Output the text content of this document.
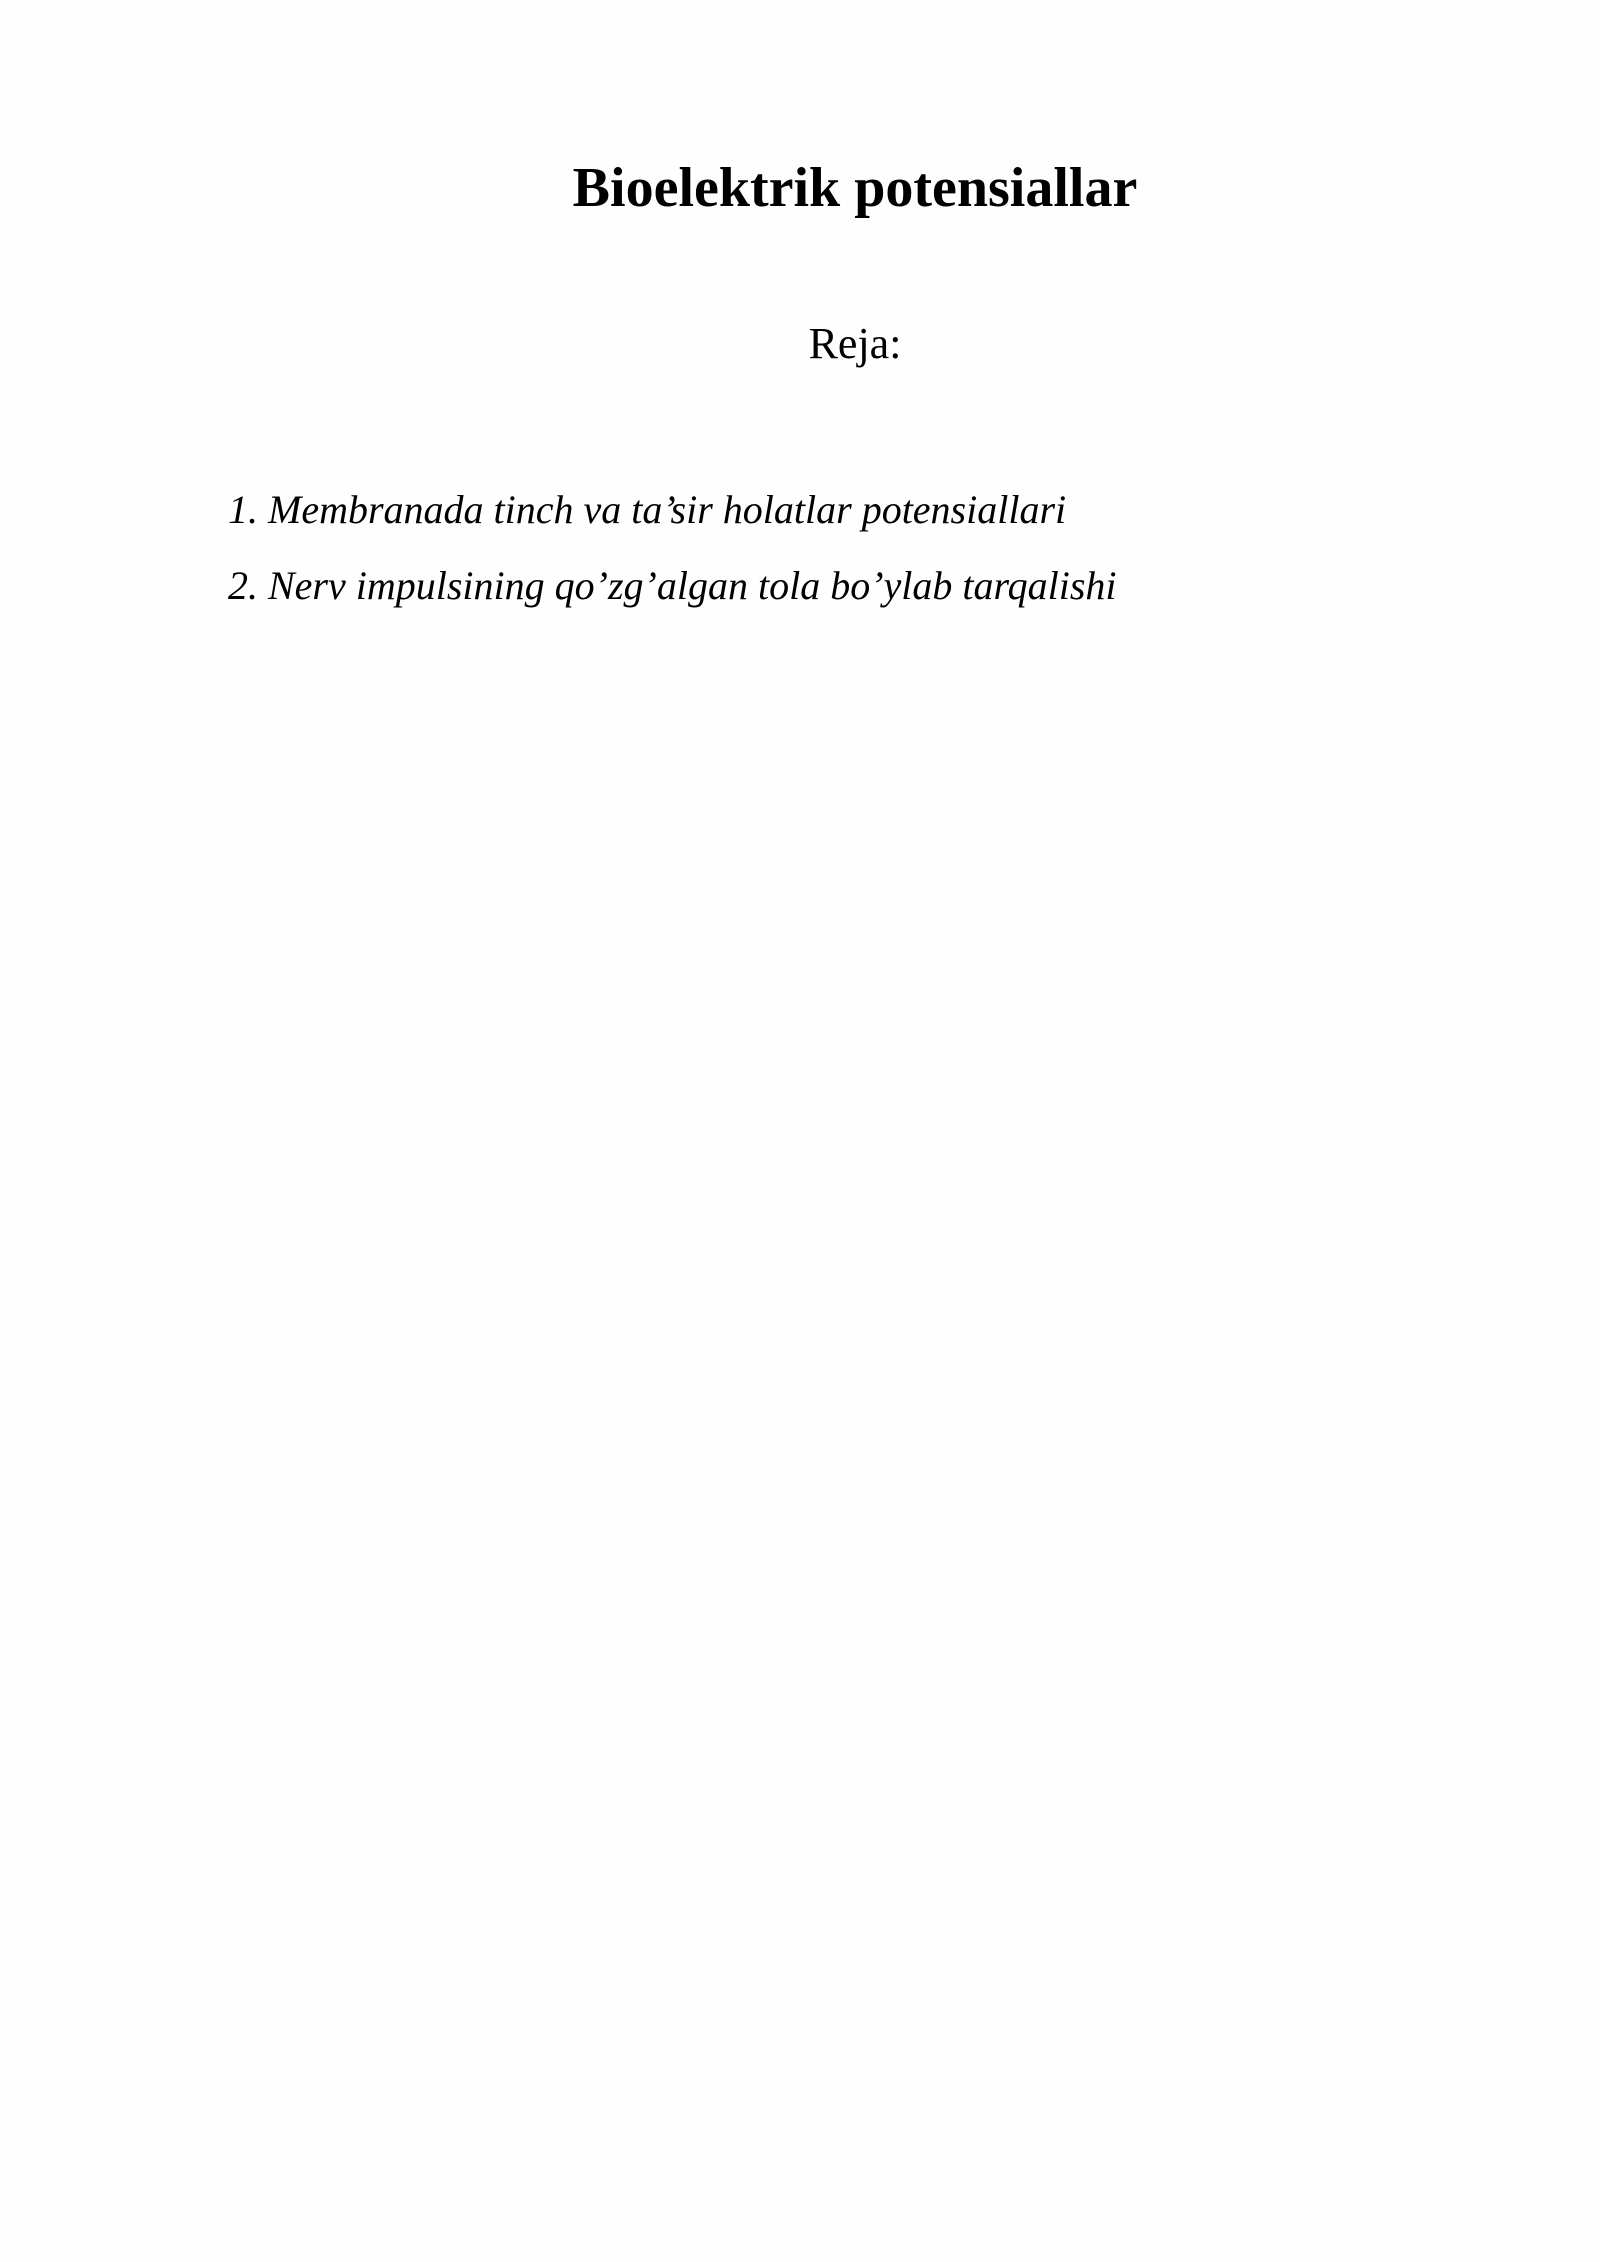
Bioelektrik potensiallar

Reja:

1. Membranada tinch va ta’sir holatlar potensiallari
2. Nerv impulsining qo’zg’algan tola bo’ylab tarqalishi
